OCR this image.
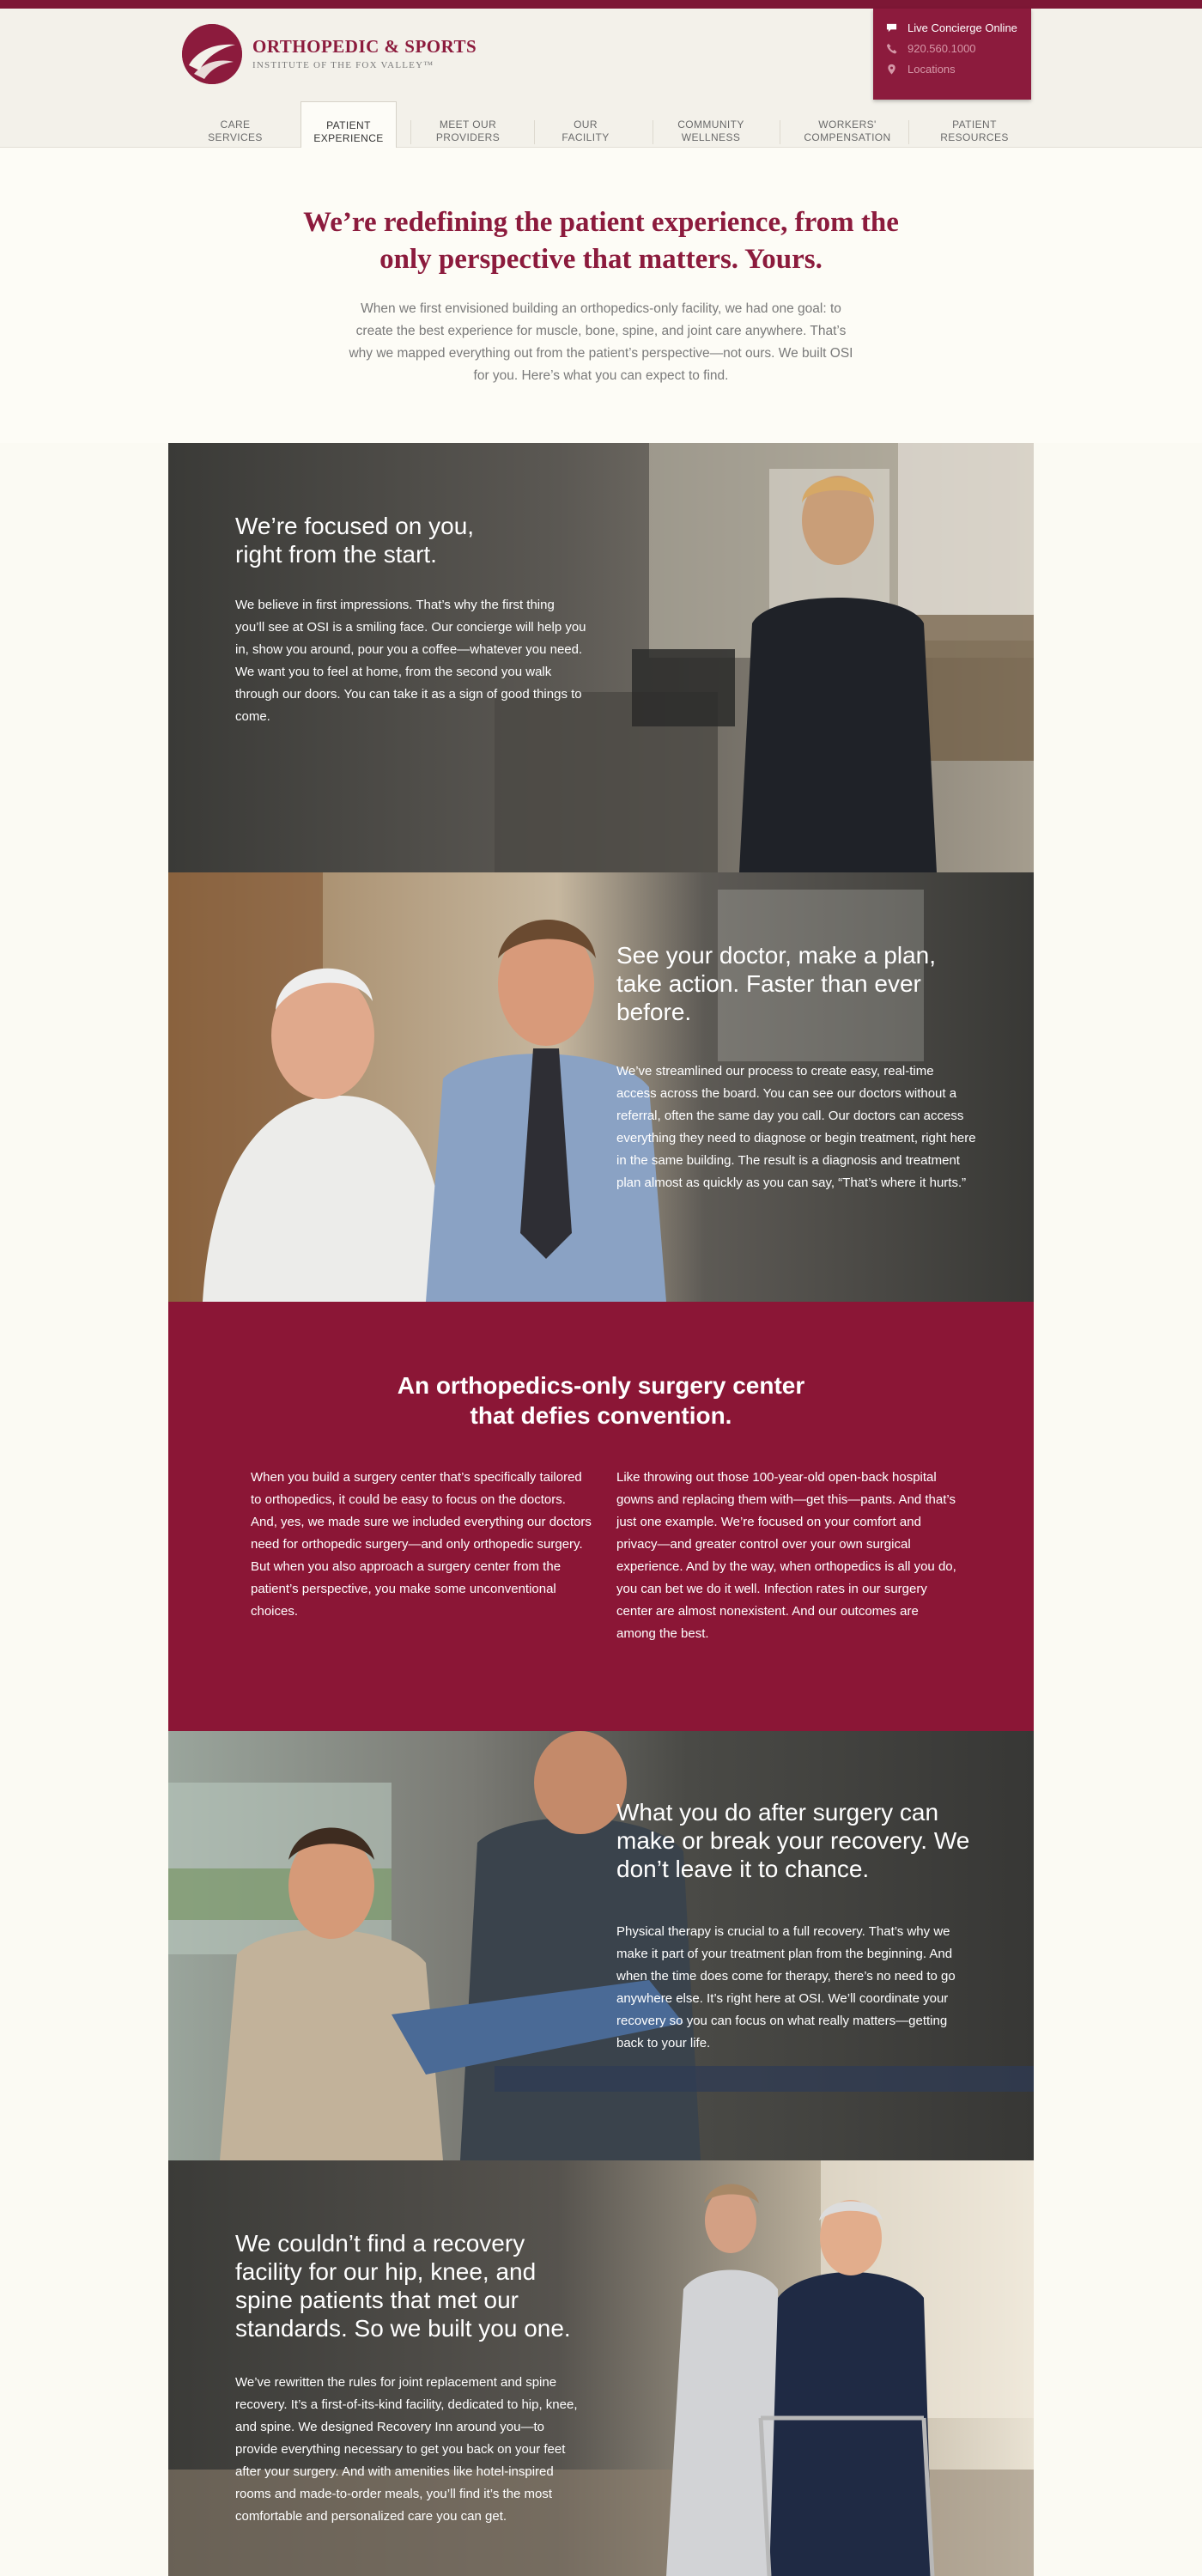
ORTHOPEDIC & SPORTS
INSTITUTE OF THE FOX VALLEY™
Live Concierge Online
920.560.1000
Locations
CARE
SERVICES
PATIENT
EXPERIENCE
MEET OUR
PROVIDERS
OUR
FACILITY
COMMUNITY
WELLNESS
WORKERS'
COMPENSATION
PATIENT
RESOURCES
We’re redefining the patient experience, from the only perspective that matters. Yours.

When we first envisioned building an orthopedics-only facility, we had one goal: to create the best experience for muscle, bone, spine, and joint care anywhere. That’s why we mapped everything out from the patient’s perspective—not ours. We built OSI for you. Here’s what you can expect to find.

We’re focused on you,
right from the start.

We believe in first impressions. That’s why the first thing you’ll see at OSI is a smiling face. Our concierge will help you in, show you around, pour you a coffee—whatever you need. We want you to feel at home, from the second you walk through our doors. You can take it as a sign of good things to come.

See your doctor, make a plan, take action. Faster than ever before.

We’ve streamlined our process to create easy, real-time access across the board. You can see our doctors without a referral, often the same day you call. Our doctors can access everything they need to diagnose or begin treatment, right here in the same building. The result is a diagnosis and treatment plan almost as quickly as you can say, “That’s where it hurts.”

An orthopedics-only surgery center
that defies convention.

When you build a surgery center that’s specifically tailored to orthopedics, it could be easy to focus on the doctors. And, yes, we made sure we included everything our doctors need for orthopedic surgery—and only orthopedic surgery. But when you also approach a surgery center from the patient’s perspective, you make some unconventional choices.

Like throwing out those 100-year-old open-back hospital gowns and replacing them with—get this—pants. And that’s just one example. We’re focused on your comfort and privacy—and greater control over your own surgical experience. And by the way, when orthopedics is all you do, you can bet we do it well. Infection rates in our surgery center are almost nonexistent. And our outcomes are among the best.

What you do after surgery can make or break your recovery. We don’t leave it to chance.

Physical therapy is crucial to a full recovery. That’s why we make it part of your treatment plan from the beginning. And when the time does come for therapy, there’s no need to go anywhere else. It’s right here at OSI. We’ll coordinate your recovery so you can focus on what really matters—getting back to your life.

We couldn’t find a recovery facility for our hip, knee, and spine patients that met our standards. So we built you one.

We’ve rewritten the rules for joint replacement and spine recovery. It’s a first-of-its-kind facility, dedicated to hip, knee, and spine. We designed Recovery Inn around you—to provide everything necessary to get you back on your feet after your surgery. And with amenities like hotel-inspired rooms and made-to-order meals, you’ll find it’s the most comfortable and personalized care you can get.
